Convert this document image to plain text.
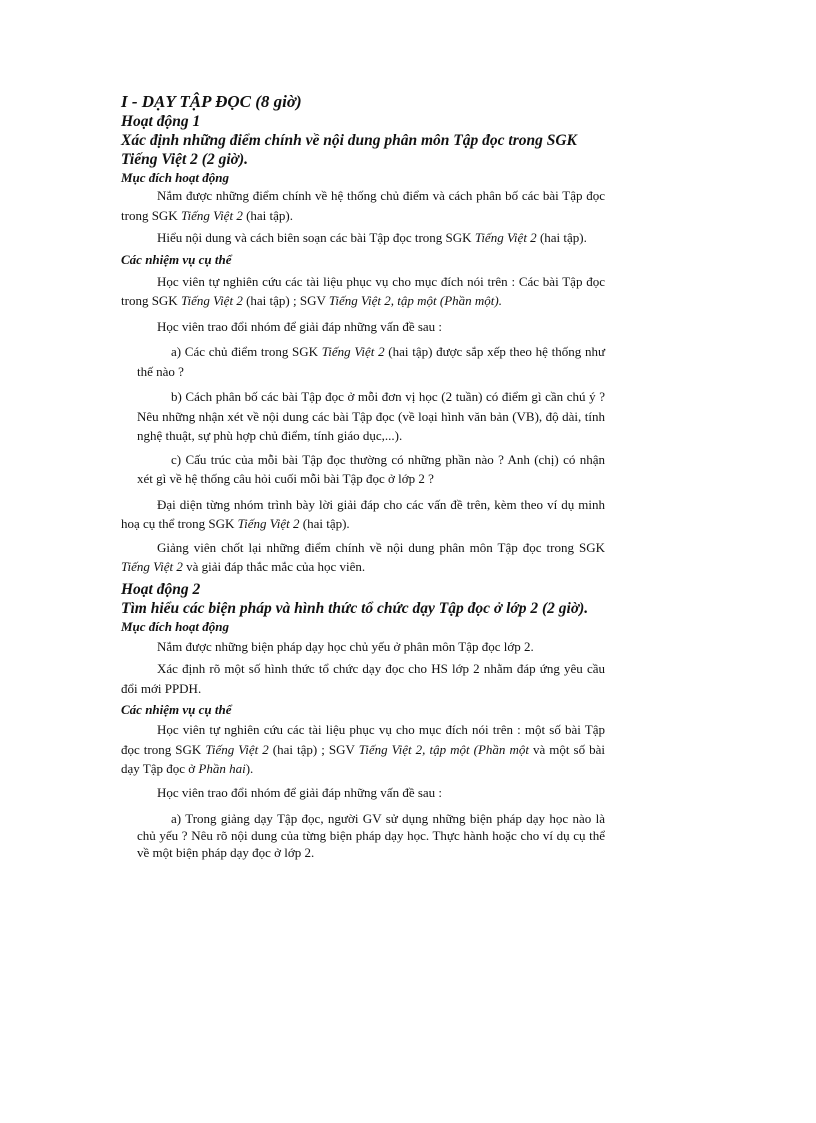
I - DẠY TẬP ĐỌC (8 giờ)
Hoạt động 1
Xác định những điểm chính về nội dung phân môn Tập đọc trong SGK
Tiếng Việt 2 (2 giờ).
Mục đích hoạt động

Nắm được những điểm chính về hệ thống chủ điểm và cách phân bố các bài Tập đọc trong SGK Tiếng Việt 2 (hai tập).

Hiểu nội dung và cách biên soạn các bài Tập đọc trong SGK Tiếng Việt 2 (hai tập).

Các nhiệm vụ cụ thể

Học viên tự nghiên cứu các tài liệu phục vụ cho mục đích nói trên : Các bài Tập đọc trong SGK Tiếng Việt 2 (hai tập) ; SGV Tiếng Việt 2, tập một (Phần một).

Học viên trao đổi nhóm để giải đáp những vấn đề sau :

a) Các chủ điểm trong SGK Tiếng Việt 2 (hai tập) được sắp xếp theo hệ thống như thế nào ?

b) Cách phân bố các bài Tập đọc ở mỗi đơn vị học (2 tuần) có điểm gì cần chú ý ? Nêu những nhận xét về nội dung các bài Tập đọc (về loại hình văn bản (VB), độ dài, tính nghệ thuật, sự phù hợp chủ điểm, tính giáo dục,...).

c) Cấu trúc của mỗi bài Tập đọc thường có những phần nào ? Anh (chị) có nhận xét gì về hệ thống câu hỏi cuối mỗi bài Tập đọc ở lớp 2 ?

Đại diện từng nhóm trình bày lời giải đáp cho các vấn đề trên, kèm theo ví dụ minh hoạ cụ thể trong SGK Tiếng Việt 2 (hai tập).

Giảng viên chốt lại những điểm chính về nội dung phân môn Tập đọc trong SGK Tiếng Việt 2 và giải đáp thắc mắc của học viên.

Hoạt động 2
Tìm hiểu các biện pháp và hình thức tổ chức dạy Tập đọc ở lớp 2 (2 giờ).
Mục đích hoạt động

Nắm được những biện pháp dạy học chủ yếu ở phân môn Tập đọc lớp 2.

Xác định rõ một số hình thức tổ chức dạy đọc cho HS lớp 2 nhằm đáp ứng yêu cầu đổi mới PPDH.

Các nhiệm vụ cụ thể

Học viên tự nghiên cứu các tài liệu phục vụ cho mục đích nói trên : một số bài Tập đọc trong SGK Tiếng Việt 2 (hai tập) ; SGV Tiếng Việt 2, tập một (Phần một và một số bài dạy Tập đọc ở Phần hai).

Học viên trao đổi nhóm để giải đáp những vấn đề sau :

a) Trong giảng dạy Tập đọc, người GV sử dụng những biện pháp dạy học nào là chủ yếu ? Nêu rõ nội dung của từng biện pháp dạy học. Thực hành hoặc cho ví dụ cụ thể về một biện pháp dạy đọc ở lớp 2.
